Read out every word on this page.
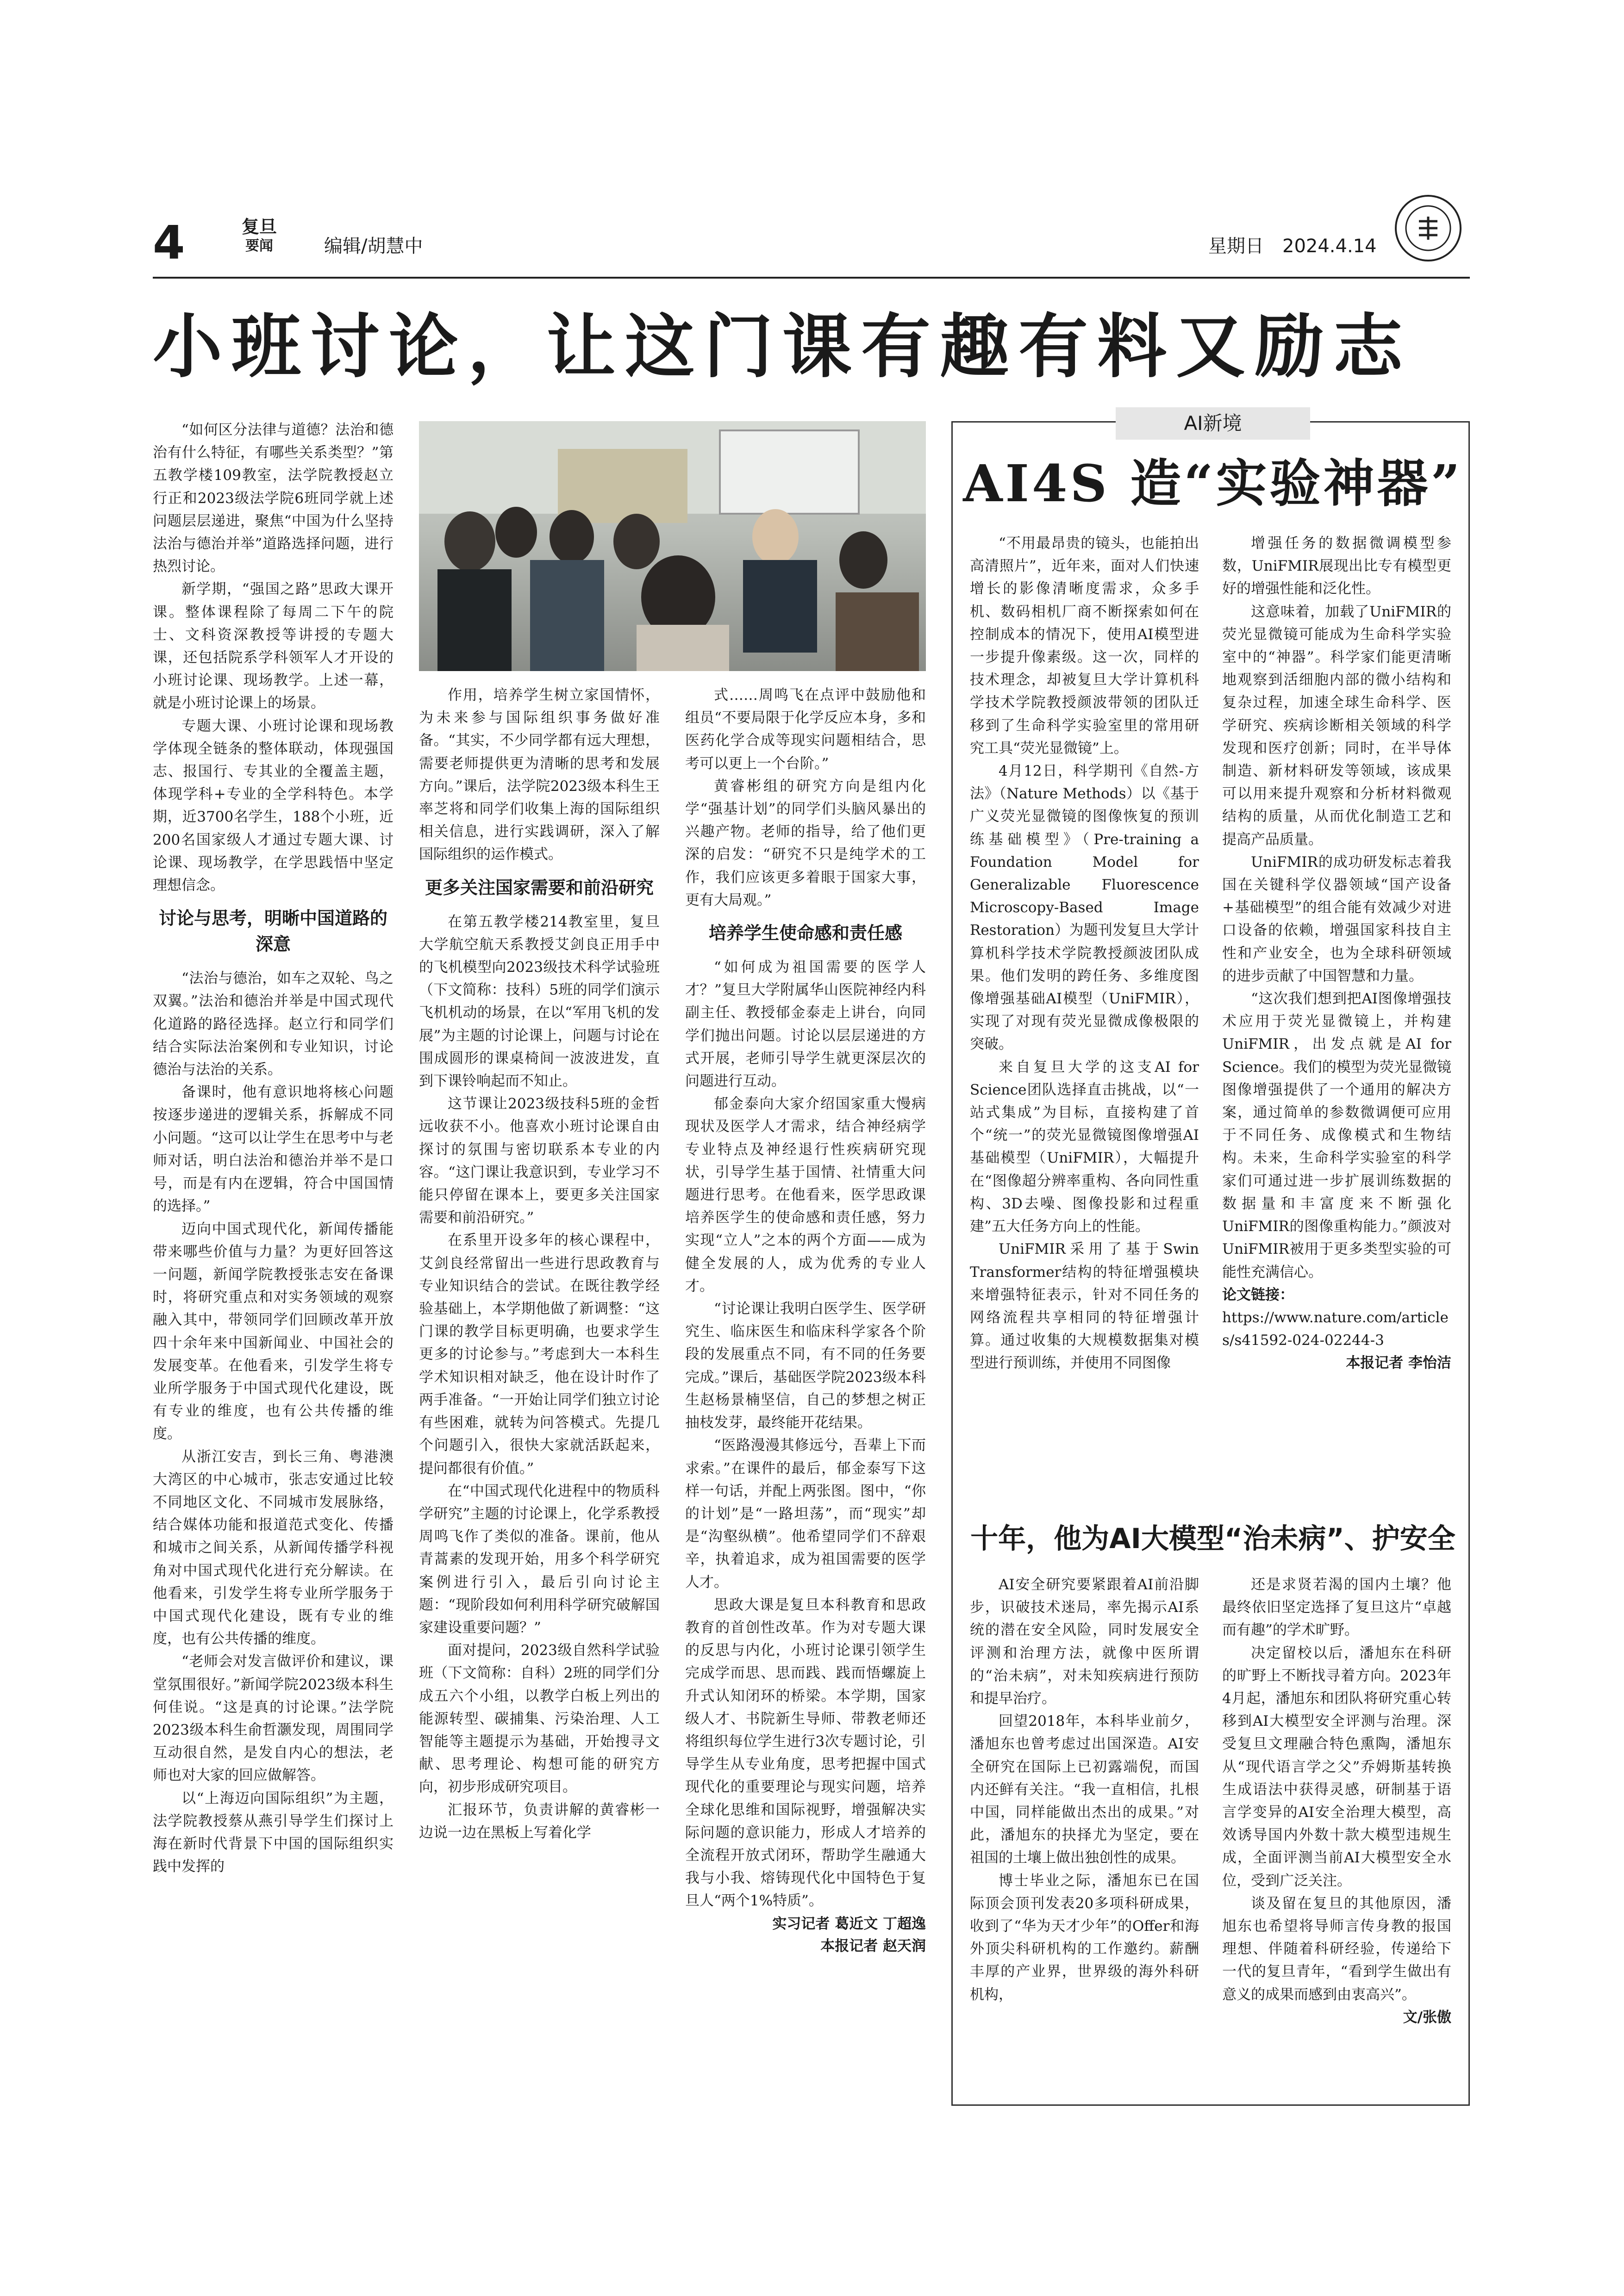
4	复旦
要闻	编辑/胡慧中	星期日　2024.4.14
小班讨论，让这门课有趣有料又励志

“如何区分法律与道德？法治和德治有什么特征，有哪些关系类型？”第五教学楼109教室，法学院教授赵立行正和2023级法学院6班同学就上述问题层层递进，聚焦“中国为什么坚持法治与德治并举”道路选择问题，进行热烈讨论。

新学期，“强国之路”思政大课开课。整体课程除了每周二下午的院士、文科资深教授等讲授的专题大课，还包括院系学科领军人才开设的小班讨论课、现场教学。上述一幕，就是小班讨论课上的场景。

专题大课、小班讨论课和现场教学体现全链条的整体联动，体现强国志、报国行、专其业的全覆盖主题，体现学科+专业的全学科特色。本学期，近3700名学生，188个小班，近200名国家级人才通过专题大课、讨论课、现场教学，在学思践悟中坚定理想信念。

讨论与思考，明晰中国道路的深意

“法治与德治，如车之双轮、鸟之双翼。”法治和德治并举是中国式现代化道路的路径选择。赵立行和同学们结合实际法治案例和专业知识，讨论德治与法治的关系。

备课时，他有意识地将核心问题按逐步递进的逻辑关系，拆解成不同小问题。“这可以让学生在思考中与老师对话，明白法治和德治并举不是口号，而是有内在逻辑，符合中国国情的选择。”

迈向中国式现代化，新闻传播能带来哪些价值与力量？为更好回答这一问题，新闻学院教授张志安在备课时，将研究重点和对实务领域的观察融入其中，带领同学们回顾改革开放四十余年来中国新闻业、中国社会的发展变革。在他看来，引发学生将专业所学服务于中国式现代化建设，既有专业的维度，也有公共传播的维度。

从浙江安吉，到长三角、粤港澳大湾区的中心城市，张志安通过比较不同地区文化、不同城市发展脉络，结合媒体功能和报道范式变化、传播和城市之间关系，从新闻传播学科视角对中国式现代化进行充分解读。在他看来，引发学生将专业所学服务于中国式现代化建设，既有专业的维度，也有公共传播的维度。

“老师会对发言做评价和建议，课堂氛围很好。”新闻学院2023级本科生何佳说。“这是真的讨论课。”法学院2023级本科生俞哲灏发现，周围同学互动很自然，是发自内心的想法，老师也对大家的回应做解答。

以“上海迈向国际组织”为主题，法学院教授蔡从燕引导学生们探讨上海在新时代背景下中国的国际组织实践中发挥的

作用，培养学生树立家国情怀，为未来参与国际组织事务做好准备。“其实，不少同学都有远大理想，需要老师提供更为清晰的思考和发展方向。”课后，法学院2023级本科生王率芝将和同学们收集上海的国际组织相关信息，进行实践调研，深入了解国际组织的运作模式。

更多关注国家需要和前沿研究

在第五教学楼214教室里，复旦大学航空航天系教授艾剑良正用手中的飞机模型向2023级技术科学试验班（下文简称：技科）5班的同学们演示飞机机动的场景，在以“军用飞机的发展”为主题的讨论课上，问题与讨论在围成圆形的课桌椅间一波波进发，直到下课铃响起而不知止。

这节课让2023级技科5班的金哲远收获不小。他喜欢小班讨论课自由探讨的氛围与密切联系本专业的内容。“这门课让我意识到，专业学习不能只停留在课本上，要更多关注国家需要和前沿研究。”

在系里开设多年的核心课程中，艾剑良经常留出一些进行思政教育与专业知识结合的尝试。在既往教学经验基础上，本学期他做了新调整：“这门课的教学目标更明确，也要求学生更多的讨论参与。”考虑到大一本科生学术知识相对缺乏，他在设计时作了两手准备。“一开始让同学们独立讨论有些困难，就转为问答模式。先提几个问题引入，很快大家就活跃起来，提问都很有价值。”

在“中国式现代化进程中的物质科学研究”主题的讨论课上，化学系教授周鸣飞作了类似的准备。课前，他从青蒿素的发现开始，用多个科学研究案例进行引入，最后引向讨论主题：“现阶段如何利用科学研究破解国家建设重要问题？”

面对提问，2023级自然科学试验班（下文简称：自科）2班的同学们分成五六个小组，以教学白板上列出的能源转型、碳捕集、污染治理、人工智能等主题提示为基础，开始搜寻文献、思考理论、构想可能的研究方向，初步形成研究项目。

汇报环节，负责讲解的黄睿彬一边说一边在黑板上写着化学

式……周鸣飞在点评中鼓励他和组员“不要局限于化学反应本身，多和医药化学合成等现实问题相结合，思考可以更上一个台阶。”

黄睿彬组的研究方向是组内化学“强基计划”的同学们头脑风暴出的兴趣产物。老师的指导，给了他们更深的启发：“研究不只是纯学术的工作，我们应该更多着眼于国家大事，更有大局观。”

培养学生使命感和责任感

“如何成为祖国需要的医学人才？”复旦大学附属华山医院神经内科副主任、教授郁金泰走上讲台，向同学们抛出问题。讨论以层层递进的方式开展，老师引导学生就更深层次的问题进行互动。

郁金泰向大家介绍国家重大慢病现状及医学人才需求，结合神经病学专业特点及神经退行性疾病研究现状，引导学生基于国情、社情重大问题进行思考。在他看来，医学思政课培养医学生的使命感和责任感，努力实现“立人”之本的两个方面——成为健全发展的人，成为优秀的专业人才。

“讨论课让我明白医学生、医学研究生、临床医生和临床科学家各个阶段的发展重点不同，有不同的任务要完成。”课后，基础医学院2023级本科生赵杨景楠坚信，自己的梦想之树正抽枝发芽，最终能开花结果。

“医路漫漫其修远兮，吾辈上下而求索。”在课件的最后，郁金泰写下这样一句话，并配上两张图。图中，“你的计划”是“一路坦荡”，而“现实”却是“沟壑纵横”。他希望同学们不辞艰辛，执着追求，成为祖国需要的医学人才。

思政大课是复旦本科教育和思政教育的首创性改革。作为对专题大课的反思与内化，小班讨论课引领学生完成学而思、思而践、践而悟螺旋上升式认知闭环的桥梁。本学期，国家级人才、书院新生导师、带教老师还将组织每位学生进行3次专题讨论，引导学生从专业角度，思考把握中国式现代化的重要理论与现实问题，培养全球化思维和国际视野，增强解决实际问题的意识能力，形成人才培养的全流程开放式闭环，帮助学生融通大我与小我、熔铸现代化中国特色于复旦人“两个1%特质”。

实习记者 葛近文 丁超逸

本报记者 赵天润

AI新境
AI4S 造“实验神器”

“不用最昂贵的镜头，也能拍出高清照片”，近年来，面对人们快速增长的影像清晰度需求，众多手机、数码相机厂商不断探索如何在控制成本的情况下，使用AI模型进一步提升像素级。这一次，同样的技术理念，却被复旦大学计算机科学技术学院教授颜波带领的团队迁移到了生命科学实验室里的常用研究工具“荧光显微镜”上。

4月12日，科学期刊《自然-方法》（Nature Methods）以《基于广义荧光显微镜的图像恢复的预训练基础模型》（Pre-training a Foundation Model for Generalizable Fluorescence Microscopy-Based Image Restoration）为题刊发复旦大学计算机科学技术学院教授颜波团队成果。他们发明的跨任务、多维度图像增强基础AI模型（UniFMIR），实现了对现有荧光显微成像极限的突破。

来自复旦大学的这支AI for Science团队选择直击挑战，以“一站式集成”为目标，直接构建了首个“统一”的荧光显微镜图像增强AI基础模型（UniFMIR），大幅提升在“图像超分辨率重构、各向同性重构、3D去噪、图像投影和过程重建”五大任务方向上的性能。

UniFMIR采用了基于Swin Transformer结构的特征增强模块来增强特征表示，针对不同任务的网络流程共享相同的特征增强计算。通过收集的大规模数据集对模型进行预训练，并使用不同图像

增强任务的数据微调模型参数，UniFMIR展现出比专有模型更好的增强性能和泛化性。

这意味着，加载了UniFMIR的荧光显微镜可能成为生命科学实验室中的“神器”。科学家们能更清晰地观察到活细胞内部的微小结构和复杂过程，加速全球生命科学、医学研究、疾病诊断相关领域的科学发现和医疗创新；同时，在半导体制造、新材料研发等领域，该成果可以用来提升观察和分析材料微观结构的质量，从而优化制造工艺和提高产品质量。

UniFMIR的成功研发标志着我国在关键科学仪器领域“国产设备+基础模型”的组合能有效减少对进口设备的依赖，增强国家科技自主性和产业安全，也为全球科研领域的进步贡献了中国智慧和力量。

“这次我们想到把AI图像增强技术应用于荧光显微镜上，并构建UniFMIR，出发点就是AI for Science。我们的模型为荧光显微镜图像增强提供了一个通用的解决方案，通过简单的参数微调便可应用于不同任务、成像模式和生物结构。未来，生命科学实验室的科学家们可通过进一步扩展训练数据的数据量和丰富度来不断强化UniFMIR的图像重构能力。”颜波对UniFMIR被用于更多类型实验的可能性充满信心。

论文链接：
https://www.nature.com/articles/s41592-024-02244-3

本报记者 李怡洁

十年，他为AI大模型“治未病”、护安全

AI安全研究要紧跟着AI前沿脚步，识破技术迷局，率先揭示AI系统的潜在安全风险，同时发展安全评测和治理方法，就像中医所谓的“治未病”，对未知疾病进行预防和提早治疗。

回望2018年，本科毕业前夕，潘旭东也曾考虑过出国深造。AI安全研究在国际上已初露端倪，而国内还鲜有关注。“我一直相信，扎根中国，同样能做出杰出的成果。”对此，潘旭东的抉择尤为坚定，要在祖国的土壤上做出独创性的成果。

博士毕业之际，潘旭东已在国际顶会顶刊发表20多项科研成果，收到了“华为天才少年”的Offer和海外顶尖科研机构的工作邀约。薪酬丰厚的产业界，世界级的海外科研机构，

还是求贤若渴的国内土壤？他最终依旧坚定选择了复旦这片“卓越而有趣”的学术旷野。

决定留校以后，潘旭东在科研的旷野上不断找寻着方向。2023年4月起，潘旭东和团队将研究重心转移到AI大模型安全评测与治理。深受复旦文理融合特色熏陶，潘旭东从“现代语言学之父”乔姆斯基转换生成语法中获得灵感，研制基于语言学变异的AI安全治理大模型，高效诱导国内外数十款大模型违规生成，全面评测当前AI大模型安全水位，受到广泛关注。

谈及留在复旦的其他原因，潘旭东也希望将导师言传身教的报国理想、伴随着科研经验，传递给下一代的复旦青年，“看到学生做出有意义的成果而感到由衷高兴”。

文/张傲
